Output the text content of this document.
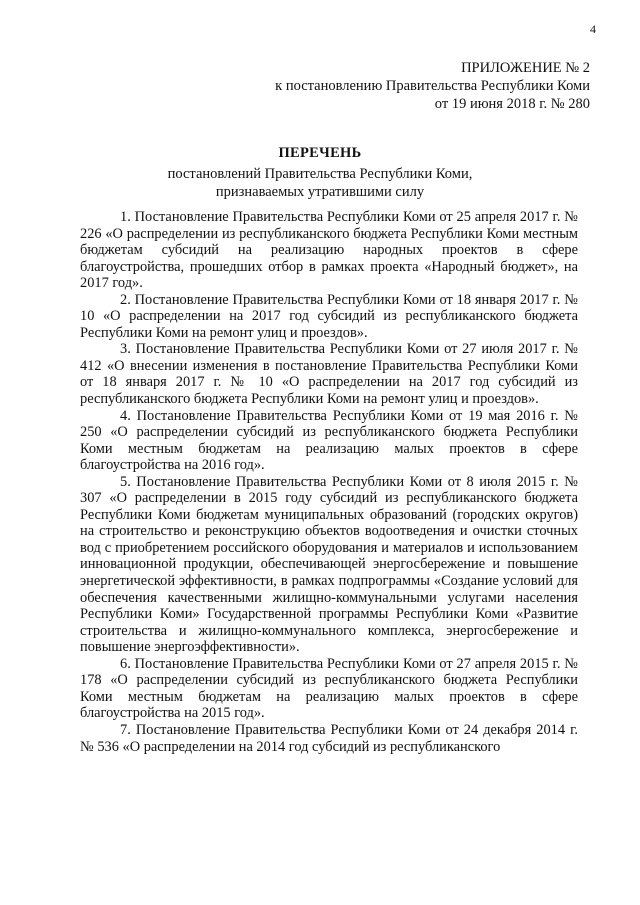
4
ПРИЛОЖЕНИЕ № 2
к постановлению Правительства Республики Коми
от 19 июня 2018 г. № 280
ПЕРЕЧЕНЬ
постановлений Правительства Республики Коми,
признаваемых утратившими силу

1. Постановление Правительства Республики Коми от 25 апреля 2017 г. № 226 «О распределении из республиканского бюджета Республики Коми местным бюджетам субсидий на реализацию народных проектов в сфере благоустройства, прошедших отбор в рамках проекта «Народный бюджет», на 2017 год».

2. Постановление Правительства Республики Коми от 18 января 2017 г. № 10 «О распределении на 2017 год субсидий из республиканского бюджета Республики Коми на ремонт улиц и проездов».

3. Постановление Правительства Республики Коми от 27 июля 2017 г. № 412 «О внесении изменения в постановление Правительства Республики Коми от 18 января 2017 г. № 10 «О распределении на 2017 год субсидий из республиканского бюджета Республики Коми на ремонт улиц и проездов».

4. Постановление Правительства Республики Коми от 19 мая 2016 г. № 250 «О распределении субсидий из республиканского бюджета Республики Коми местным бюджетам на реализацию малых проектов в сфере благоустройства на 2016 год».

5. Постановление Правительства Республики Коми от 8 июля 2015 г. № 307 «О распределении в 2015 году субсидий из республиканского бюджета Республики Коми бюджетам муниципальных образований (городских округов) на строительство и реконструкцию объектов водоотведения и очистки сточных вод с приобретением российского оборудования и материалов и использованием инновационной продукции, обеспечивающей энергосбережение и повышение энергетической эффективности, в рамках подпрограммы «Создание условий для обеспечения качественными жилищно-коммунальными услугами населения Республики Коми» Государственной программы Республики Коми «Развитие строительства и жилищно-коммунального комплекса, энергосбережение и повышение энергоэффективности».

6. Постановление Правительства Республики Коми от 27 апреля 2015 г. № 178 «О распределении субсидий из республиканского бюджета Республики Коми местным бюджетам на реализацию малых проектов в сфере благоустройства на 2015 год».

7. Постановление Правительства Республики Коми от 24 декабря 2014 г. № 536 «О распределении на 2014 год субсидий из республиканского
